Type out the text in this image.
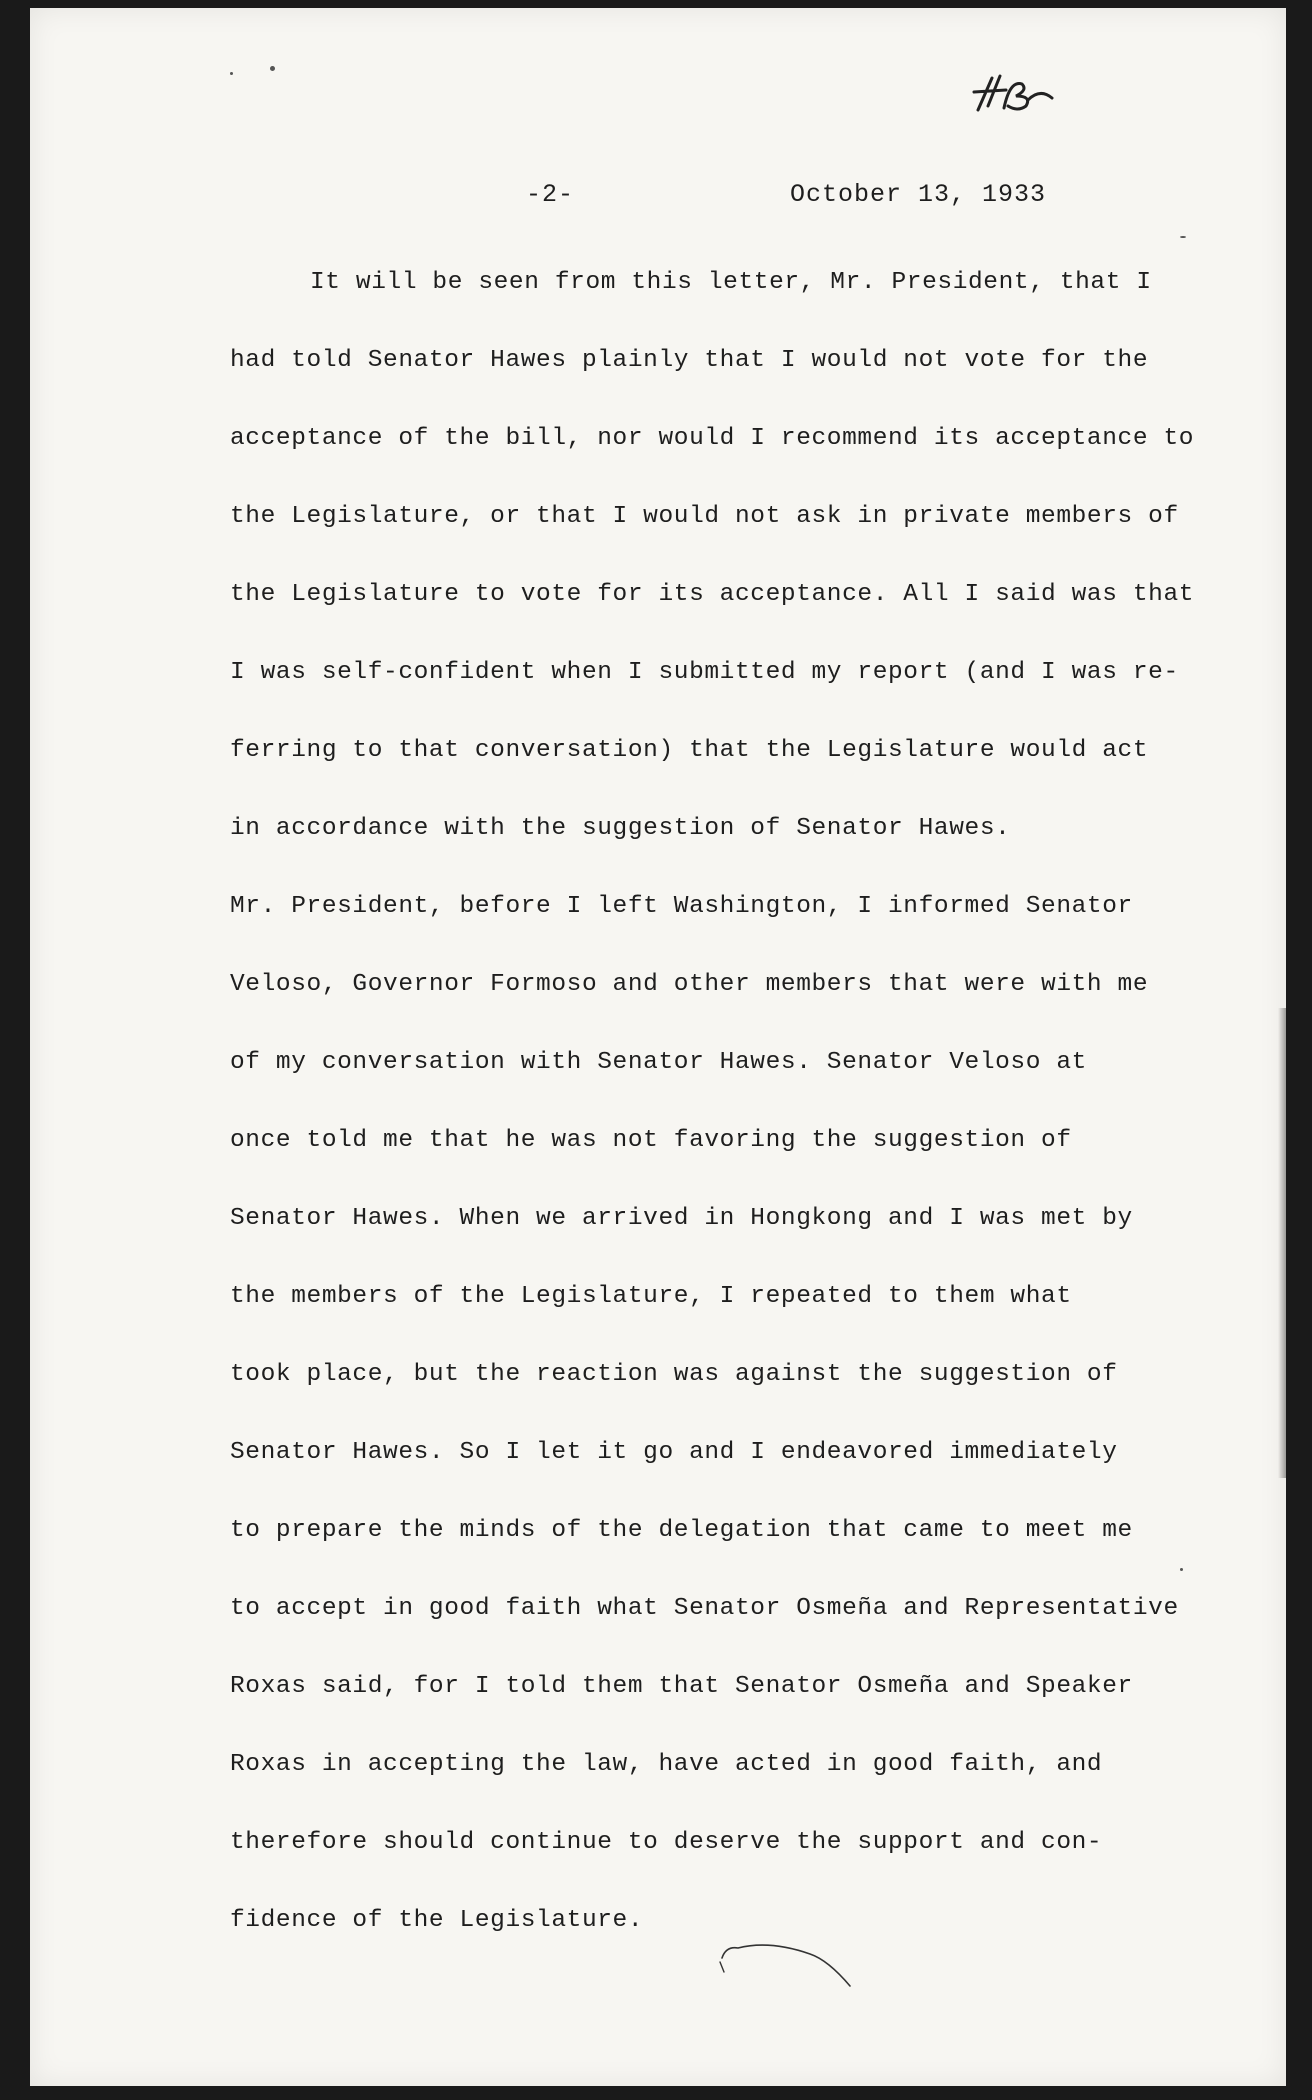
-2-	October 13, 1933
It will be seen from this letter, Mr. President, that I
had told Senator Hawes plainly that I would not vote for the
acceptance of the bill, nor would I recommend its acceptance to
the Legislature, or that I would not ask in private members of
the Legislature to vote for its acceptance. All I said was that
I was self-confident when I submitted my report (and I was re-
ferring to that conversation) that the Legislature would act
in accordance with the suggestion of Senator Hawes.
Mr. President, before I left Washington, I informed Senator
Veloso, Governor Formoso and other members that were with me
of my conversation with Senator Hawes. Senator Veloso at
once told me that he was not favoring the suggestion of
Senator Hawes. When we arrived in Hongkong and I was met by
the members of the Legislature, I repeated to them what
took place, but the reaction was against the suggestion of
Senator Hawes. So I let it go and I endeavored immediately
to prepare the minds of the delegation that came to meet me
to accept in good faith what Senator Osmeña and Representative
Roxas said, for I told them that Senator Osmeña and Speaker
Roxas in accepting the law, have acted in good faith, and
therefore should continue to deserve the support and con-
fidence of the Legislature.
